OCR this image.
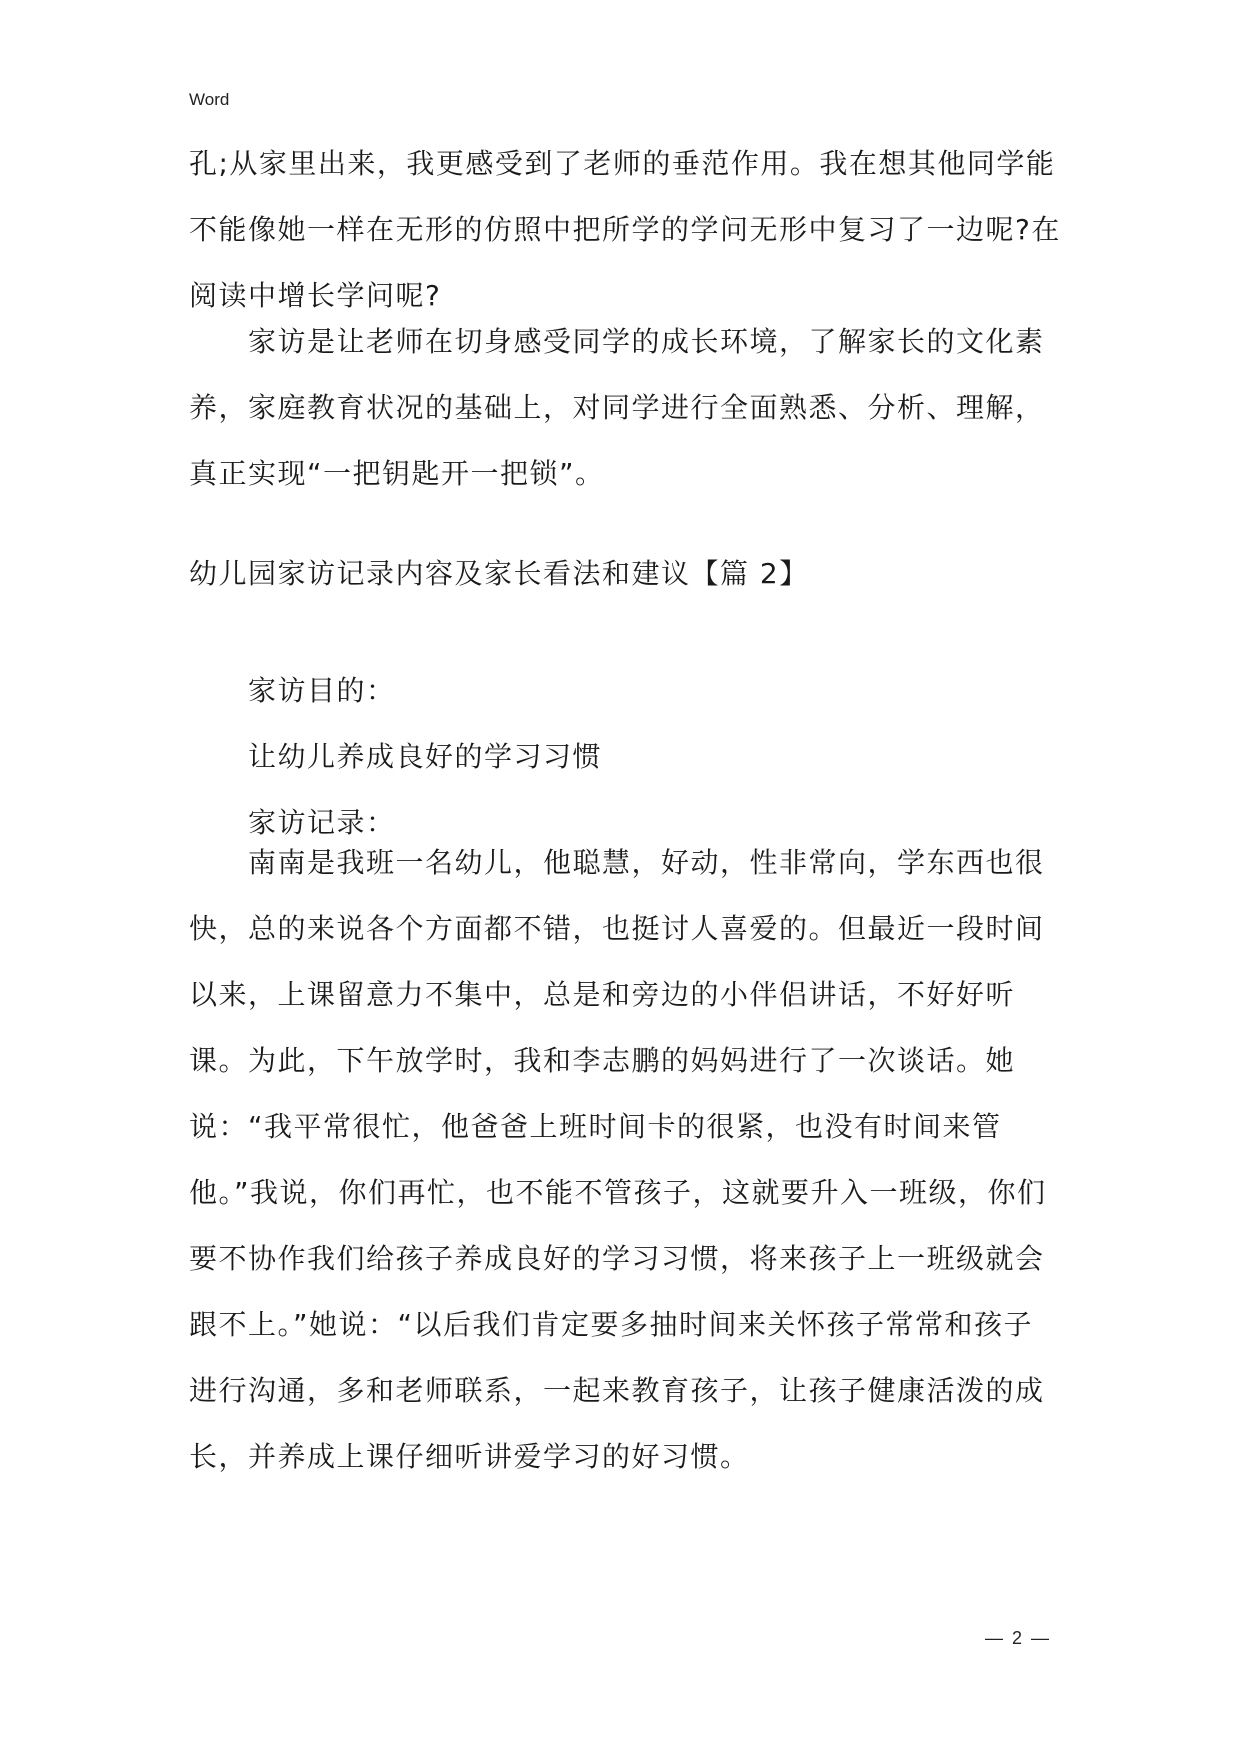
Word
孔;从家里出来，我更感受到了老师的垂范作用。我在想其他同学能
不能像她一样在无形的仿照中把所学的学问无形中复习了一边呢?在
阅读中增长学问呢?
家访是让老师在切身感受同学的成长环境，了解家长的文化素
养，家庭教育状况的基础上，对同学进行全面熟悉、分析、理解，
真正实现“一把钥匙开一把锁”。
幼儿园家访记录内容及家长看法和建议【篇 2】
家访目的：
让幼儿养成良好的学习习惯
家访记录：
南南是我班一名幼儿，他聪慧，好动，性非常向，学东西也很
快，总的来说各个方面都不错，也挺讨人喜爱的。但最近一段时间
以来，上课留意力不集中，总是和旁边的小伴侣讲话，不好好听
课。为此，下午放学时，我和李志鹏的妈妈进行了一次谈话。她
说：“我平常很忙，他爸爸上班时间卡的很紧，也没有时间来管
他。”我说，你们再忙，也不能不管孩子，这就要升入一班级，你们
要不协作我们给孩子养成良好的学习习惯，将来孩子上一班级就会
跟不上。”她说：“以后我们肯定要多抽时间来关怀孩子常常和孩子
进行沟通，多和老师联系，一起来教育孩子，让孩子健康活泼的成
长，并养成上课仔细听讲爱学习的好习惯。
— 2 —
